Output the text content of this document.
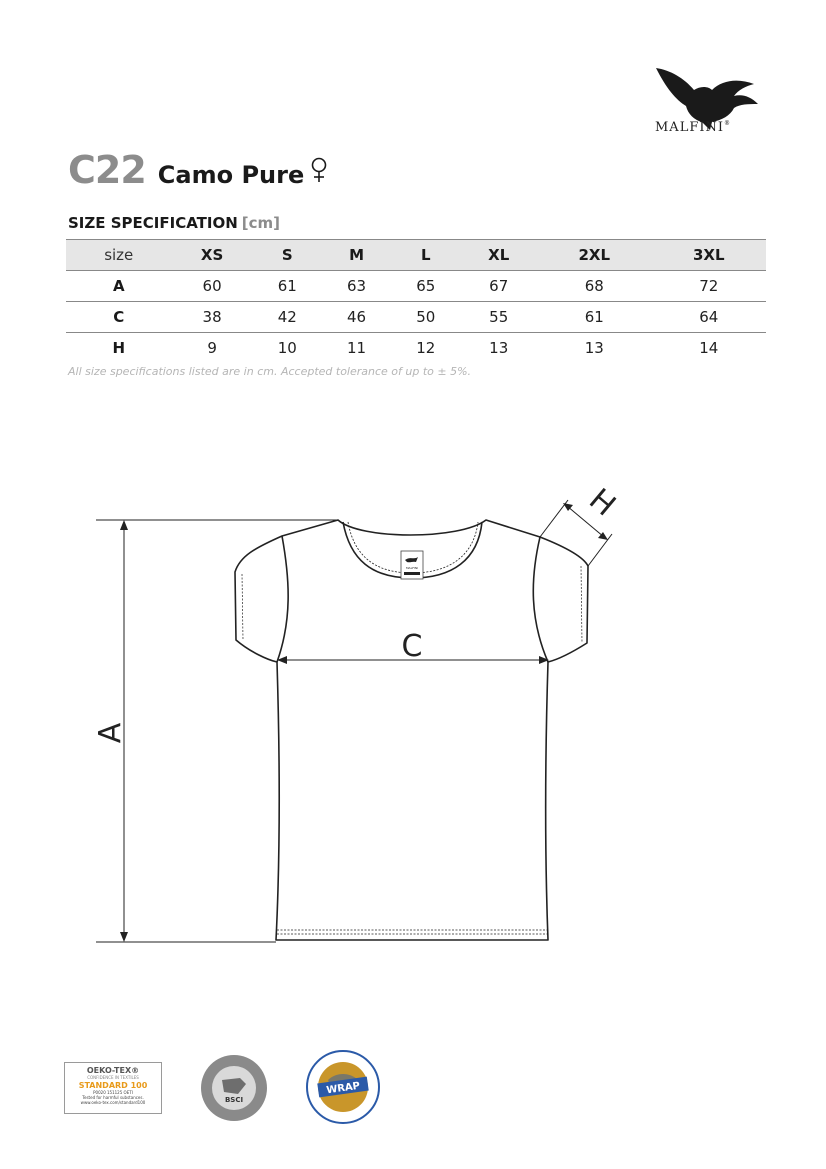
MALFINI®
C22 Camo Pure
SIZE SPECIFICATION [cm]
size	XS	S	M	L	XL	2XL	3XL
A	60	61	63	65	67	68	72
C	38	42	46	50	55	61	64
H	9	10	11	12	13	13	14
All size specifications listed are in cm. Accepted tolerance of up to ± 5%.
MALFINI
A
C
H
OEKO-TEX®
CONFIDENCE IN TEXTILES
STANDARD 100
P0020 151125 OETI
Tested for harmful substances.
www.oeko-tex.com/standard100	BSCI
WRAP
